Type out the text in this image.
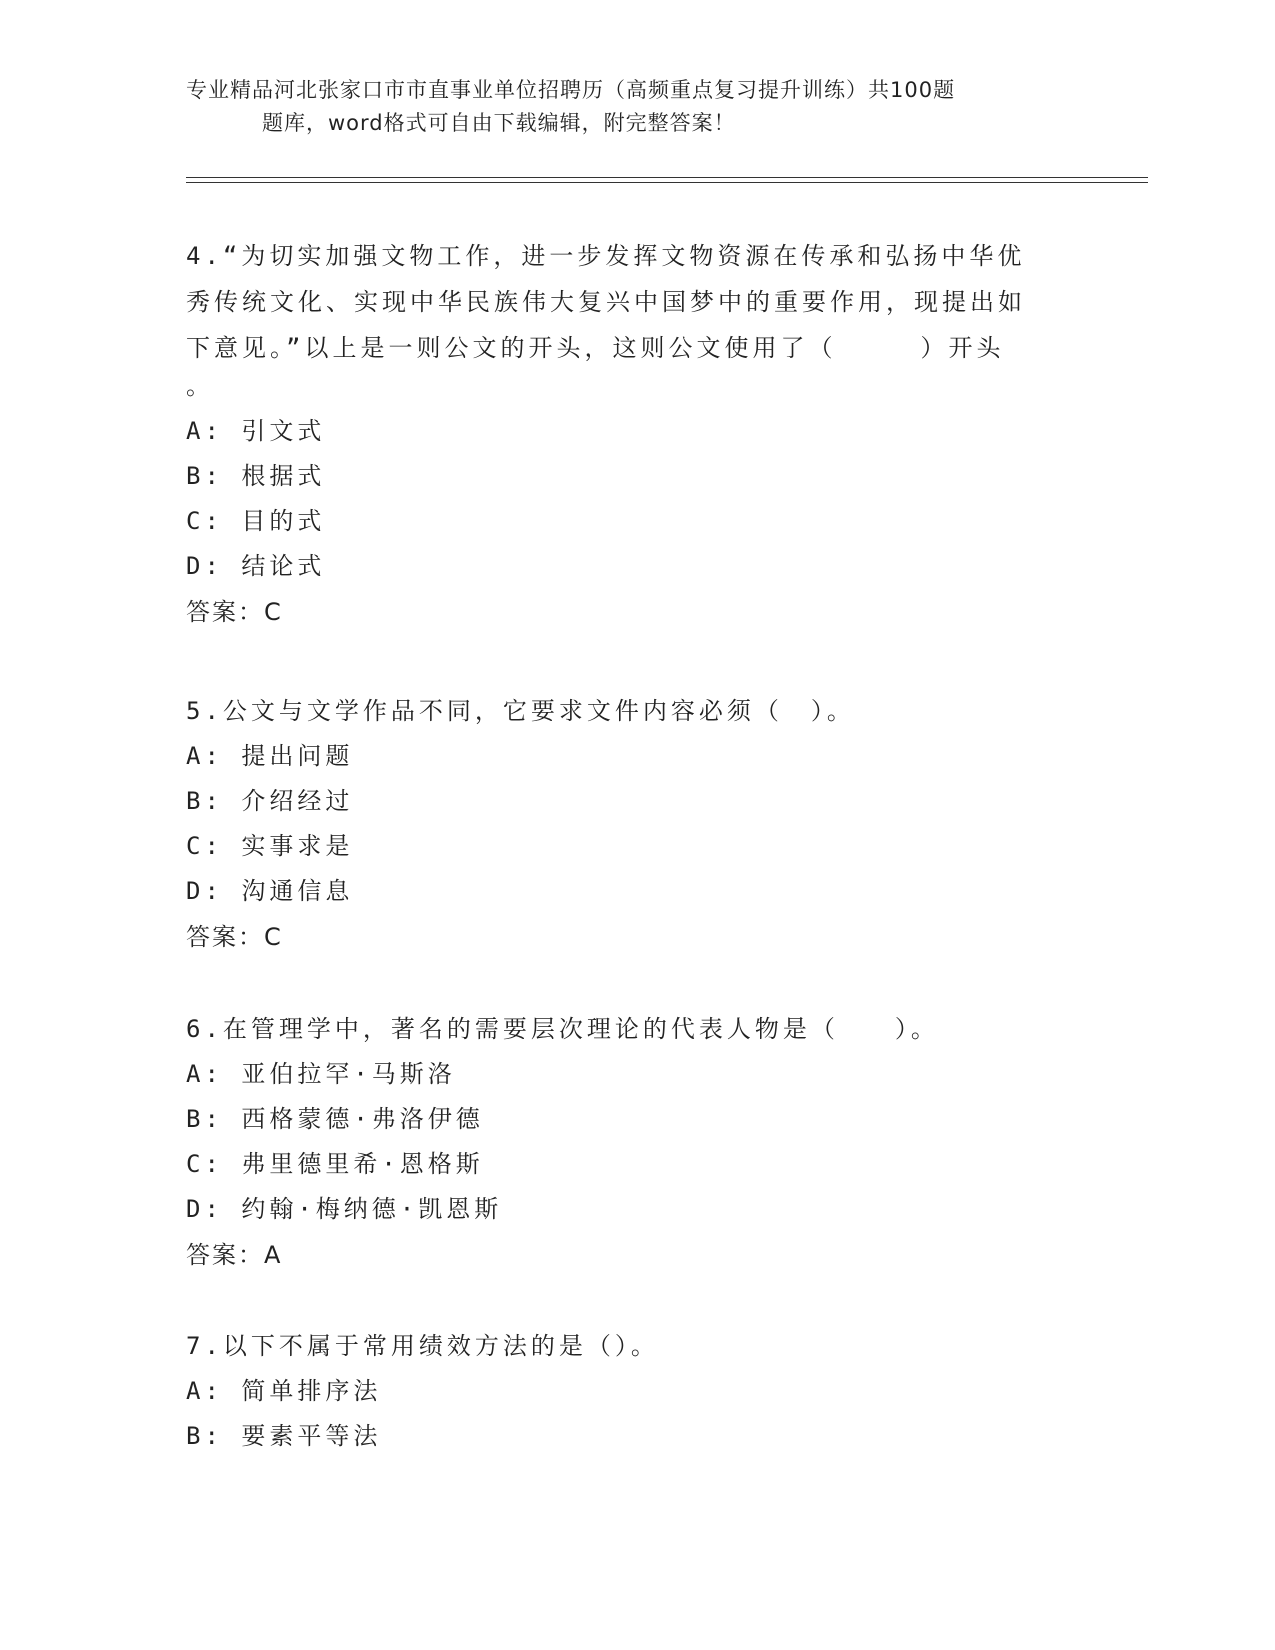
专业精品河北张家口市市直事业单位招聘历（高频重点复习提升训练）共100题
题库，word格式可自由下载编辑，附完整答案！
4.“为切实加强文物工作，进一步发挥文物资源在传承和弘扬中华优秀传统文化、实现中华民族伟大复兴中国梦中的重要作用，现提出如下意见。”以上是一则公文的开头，这则公文使用了（　　　）开头
。
A: 引文式
B: 根据式
C: 目的式
D: 结论式
答案：C
5.公文与文学作品不同，它要求文件内容必须（　）。
A: 提出问题
B: 介绍经过
C: 实事求是
D: 沟通信息
答案：C
6.在管理学中，著名的需要层次理论的代表人物是（　　）。
A: 亚伯拉罕·马斯洛
B: 西格蒙德·弗洛伊德
C: 弗里德里希·恩格斯
D: 约翰·梅纳德·凯恩斯
答案：A
7.以下不属于常用绩效方法的是（）。
A: 简单排序法
B: 要素平等法
